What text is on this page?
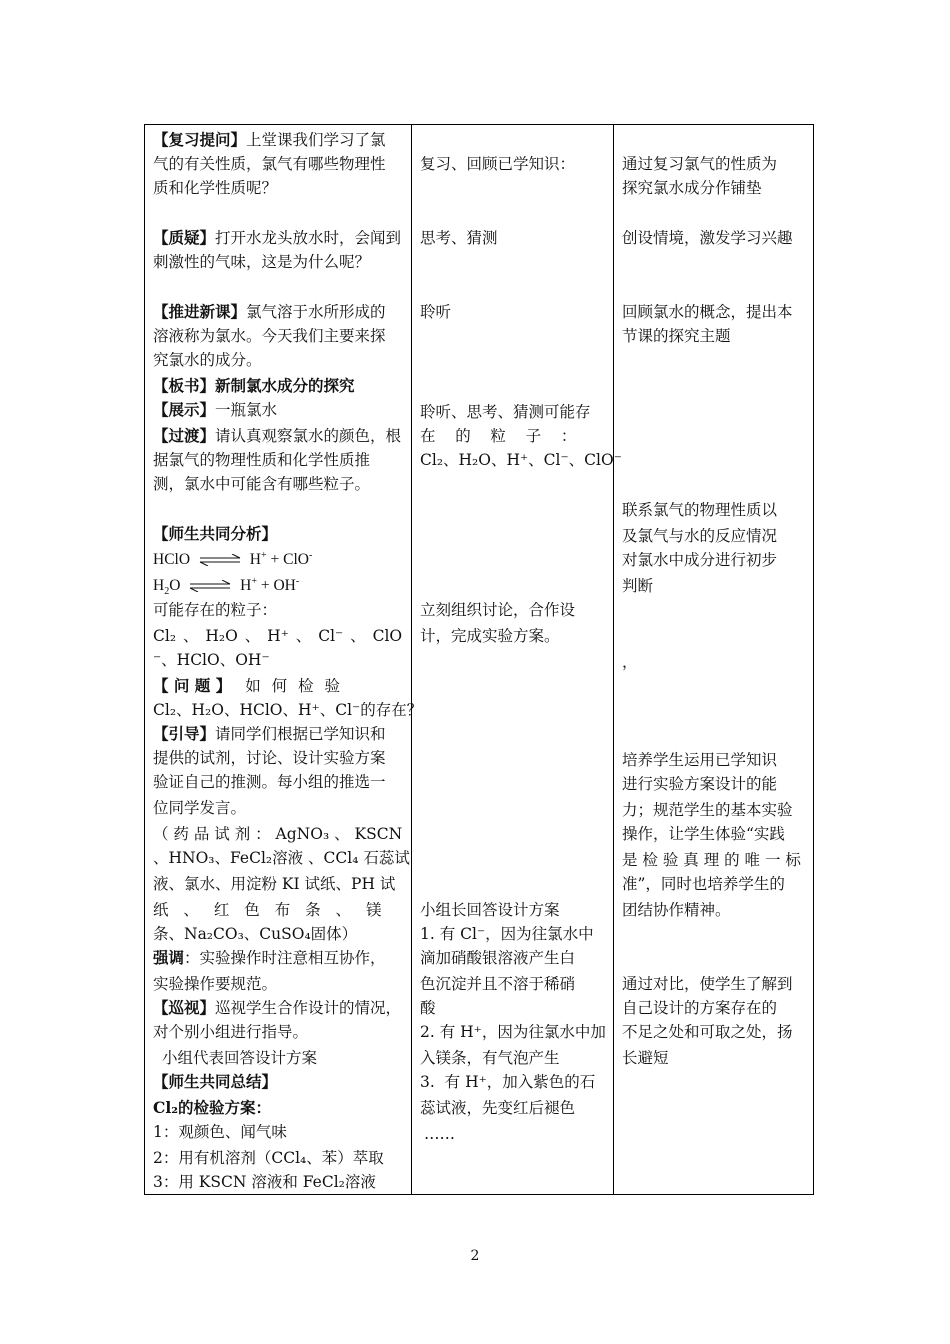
【复习提问】上堂课我们学习了氯
气的有关性质，氯气有哪些物理性
质和化学性质呢？
【质疑】打开水龙头放水时，会闻到
刺激性的气味，这是为什么呢？
【推进新课】氯气溶于水所形成的
溶液称为氯水。今天我们主要来探
究氯水的成分。
【板书】新制氯水成分的探究
【展示】一瓶氯水
【过渡】请认真观察氯水的颜色，根
据氯气的物理性质和化学性质推
测，氯水中可能含有哪些粒子。
【师生共同分析】
HClO ⇌ H+ + ClO-
$H_2O$ ⇌ H+ + OH-
可能存在的粒子：
Cl₂ 、 H₂O 、 H⁺ 、 Cl⁻ 、 ClO
⁻、HClO、OH⁻
【 问 题 】 如 何 检 验
Cl₂、H₂O、HClO、H⁺、Cl⁻的存在？
【引导】请同学们根据已学知识和
提供的试剂，讨论、设计实验方案
验证自己的推测。每小组的推选一
位同学发言。
（ 药 品 试 剂 ： AgNO₃ 、 KSCN
、HNO₃、FeCl₂溶液 、CCl₄ 石蕊试
液、氯水、用淀粉 KI 试纸、PH 试
纸 、 红 色 布 条 、 镁
条、Na₂CO₃、CuSO₄固体）
强调：实验操作时注意相互协作，
实验操作要规范。
【巡视】巡视学生合作设计的情况，
对个别小组进行指导。
小组代表回答设计方案
【师生共同总结】
Cl₂的检验方案：
1：观颜色、闻气味
2：用有机溶剂（CCl₄、苯）萃取
3：用 KSCN 溶液和 FeCl₂溶液
复习、回顾已学知识：
思考、猜测
聆听
聆听、思考、猜测可能存
在    的    粒    子    ：
Cl₂、H₂O、H⁺、Cl⁻、ClO⁻
立刻组织讨论，合作设
计，完成实验方案。
小组长回答设计方案
1. 有 Cl⁻，因为往氯水中
滴加硝酸银溶液产生白
色沉淀并且不溶于稀硝
酸
2. 有 H⁺，因为往氯水中加
入镁条，有气泡产生
3.  有 H⁺，加入紫色的石
蕊试液，先变红后褪色
……
通过复习氯气的性质为
探究氯水成分作铺垫
创设情境，激发学习兴趣
回顾氯水的概念，提出本
节课的探究主题
联系氯气的物理性质以
及氯气与水的反应情况
对氯水中成分进行初步
判断
，
培养学生运用已学知识
进行实验方案设计的能
力；规范学生的基本实验
操作，让学生体验“实践
是 检 验 真 理 的 唯 一 标
准”，同时也培养学生的
团结协作精神。
通过对比，使学生了解到
自己设计的方案存在的
不足之处和可取之处，扬
长避短
2
